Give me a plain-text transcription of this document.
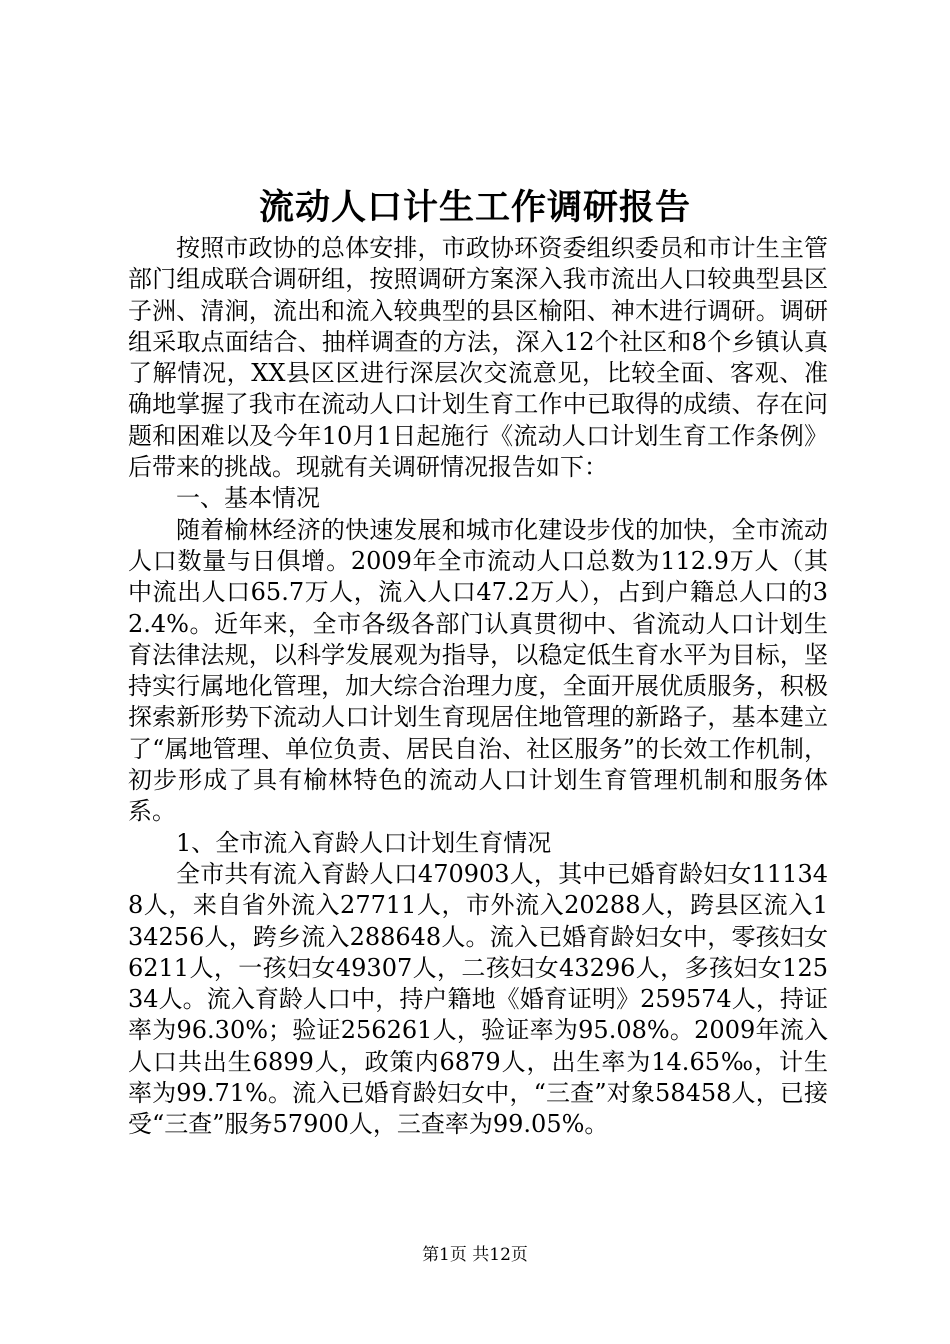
流动人口计生工作调研报告

按照市政协的总体安排，市政协环资委组织委员和市计生主管部门组成联合调研组，按照调研方案深入我市流出人口较典型县区子洲、清涧，流出和流入较典型的县区榆阳、神木进行调研。调研组采取点面结合、抽样调查的方法，深入12个社区和8个乡镇认真了解情况，XX县区区进行深层次交流意见，比较全面、客观、准确地掌握了我市在流动人口计划生育工作中已取得的成绩、存在问题和困难以及今年10月1日起施行《流动人口计划生育工作条例》后带来的挑战。现就有关调研情况报告如下：

一、基本情况

随着榆林经济的快速发展和城市化建设步伐的加快，全市流动人口数量与日俱增。2009年全市流动人口总数为112.9万人（其中流出人口65.7万人，流入人口47.2万人），占到户籍总人口的32.4%。近年来，全市各级各部门认真贯彻中、省流动人口计划生育法律法规，以科学发展观为指导，以稳定低生育水平为目标，坚持实行属地化管理，加大综合治理力度，全面开展优质服务，积极探索新形势下流动人口计划生育现居住地管理的新路子，基本建立了“属地管理、单位负责、居民自治、社区服务”的长效工作机制，初步形成了具有榆林特色的流动人口计划生育管理机制和服务体系。

1、全市流入育龄人口计划生育情况

全市共有流入育龄人口470903人，其中已婚育龄妇女111348人，来自省外流入27711人，市外流入20288人，跨县区流入134256人，跨乡流入288648人。流入已婚育龄妇女中，零孩妇女6211人，一孩妇女49307人，二孩妇女43296人，多孩妇女12534人。流入育龄人口中，持户籍地《婚育证明》259574人，持证率为96.30%；验证256261人，验证率为95.08%。2009年流入人口共出生6899人，政策内6879人，出生率为14.65‰，计生率为99.71%。流入已婚育龄妇女中，“三查”对象58458人，已接受“三查”服务57900人，三查率为99.05%。

第1页 共12页
